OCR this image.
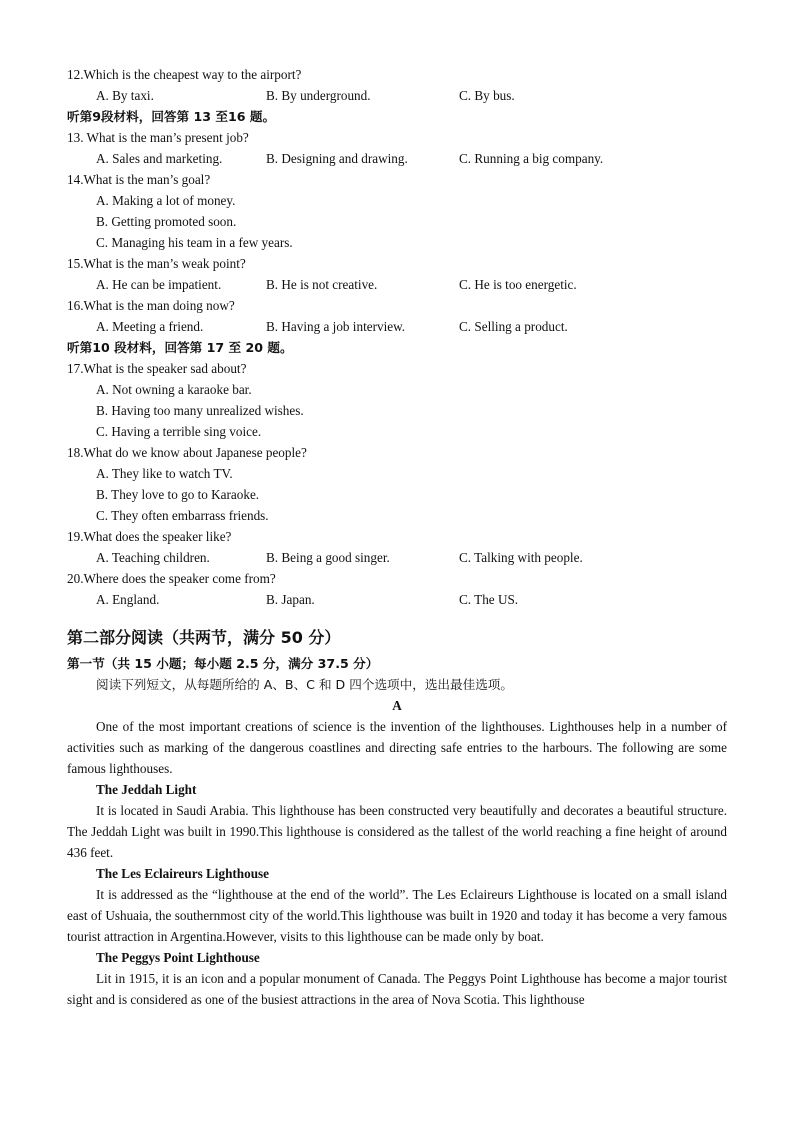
12.Which is the cheapest way to the airport?
A. By taxi.	B. By underground.	C. By bus.
听第9段材料，回答第 13 至16 题。
13. What is the man’s present job?
A. Sales and marketing.	B. Designing and drawing.	C. Running a big company.
14.What is the man’s goal?
A. Making a lot of money.
B. Getting promoted soon.
C. Managing his team in a few years.
15.What is the man’s weak point?
A. He can be impatient.	B. He is not creative.	C. He is too energetic.
16.What is the man doing now?
A. Meeting a friend.	B. Having a job interview.	C. Selling a product.
听第10 段材料，回答第 17 至 20 题。
17.What is the speaker sad about?
A. Not owning a karaoke bar.
B. Having too many unrealized wishes.
C. Having a terrible sing voice.
18.What do we know about Japanese people?
A. They like to watch TV.
B. They love to go to Karaoke.
C. They often embarrass friends.
19.What does the speaker like?
A. Teaching children.	B. Being a good singer.	C. Talking with people.
20.Where does the speaker come from?
A. England.	B. Japan.	C. The US.
第二部分阅读（共两节，满分 50 分）
第一节（共 15 小题；每小题 2.5 分，满分 37.5 分）
阅读下列短文，从每题所给的 A、B、C 和 D 四个选项中，选出最佳选项。
A

One of the most important creations of science is the invention of the lighthouses. Lighthouses help in a number of activities such as marking of the dangerous coastlines and directing safe entries to the harbours. The following are some famous lighthouses.

The Jeddah Light

It is located in Saudi Arabia. This lighthouse has been constructed very beautifully and decorates a beautiful structure. The Jeddah Light was built in 1990.This lighthouse is considered as the tallest of the world reaching a fine height of around 436 feet.

The Les Eclaireurs Lighthouse

It is addressed as the “lighthouse at the end of the world”. The Les Eclaireurs Lighthouse is located on a small island east of Ushuaia, the southernmost city of the world.This lighthouse was built in 1920 and today it has become a very famous tourist attraction in Argentina.However, visits to this lighthouse can be made only by boat.

The Peggys Point Lighthouse

Lit in 1915, it is an icon and a popular monument of Canada. The Peggys Point Lighthouse has become a major tourist sight and is considered as one of the busiest attractions in the area of Nova Scotia. This lighthouse
